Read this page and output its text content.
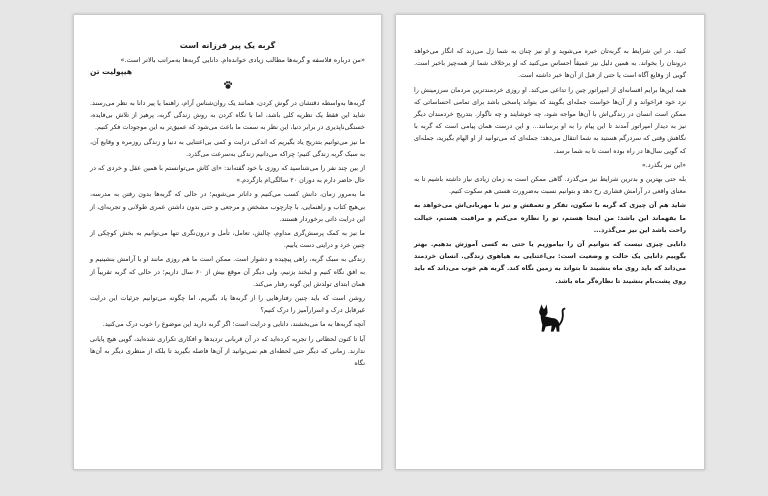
گربه یک پیر فرزانه است
«من درباره فلاسفه و گربه‌ها مطالب زیادی خوانده‌ام. دانایی گربه‌ها به‌مراتب بالاتر است.»
هیپولیت تن

گربه‌ها به‌واسطه دقتشان در گوش کردن، همانند یک روان‌شناس آرام، راهنما یا پیر دانا به نظر می‌رسند. شاید این فقط یک نظریه کلی باشد، اما با نگاه کردن به روش زندگی گربه، پرهیز از تلاش بی‌فایده، خستگی‌ناپذیری در برابر دنیا، این نظر به سمت ما باعث می‌شود که عمیق‌تر به این موجودات فکر کنیم.

ما نیز می‌توانیم بتدریج یاد بگیریم که اندکی درایت و کمی بی‌اعتنایی به دنیا و زندگی روزمره و وقایع آن، به سبک گربه زندگی کنیم؛ چراکه می‌دانیم زندگی به‌سرعت می‌گذرد.

از بین چند نفر را می‌شناسید که روزی با خود گفته‌اند: «ای کاش می‌توانستم با همین عقل و خردی که در حال حاضر دارم به دوران ۲۰ سالگی‌ام بازگردم.»

ما به‌مرور زمان، دانش کسب می‌کنیم و دانا‌تر می‌شویم؛ در حالی که گربه‌ها بدون رفتن به مدرسه، بی‌هیچ کتاب و راهنمایی، با چارچوب مشخص و مرجعی و حتی بدون داشتن عمری طولانی و تجربه‌ای، از این درایت ذاتی برخوردار هستند.

ما نیز به کمک پرسش‌گری مداوم، چالش، تعامل، تأمل و درون‌نگری تنها می‌توانیم به بخش کوچکی از چنین خرد و درایتی دست یابیم.

زندگی به سبک گربه، راهی پیچیده و دشوار است. ممکن است ما هم روزی مانند او با آرامش بنشینیم و به افق نگاه کنیم و لبخند بزنیم، ولی دیگر آن موقع بیش از ۶۰ سال داریم؛ در حالی که گربه تقریباً از همان ابتدای تولدش این گونه رفتار می‌کند.

روشن است که باید چنین رفتارهایی را از گربه‌ها یاد بگیریم، اما چگونه می‌توانیم جزئیات این درایت غیرقابل درک و اسرارآمیز را درک کنیم؟

آنچه گربه‌ها به ما می‌بخشند، دانایی و درایت است؛ اگر گربه دارید این موضوع را خوب درک می‌کنید.

آیا تا کنون لحظاتی را تجربه کرده‌اید که در آن قربانی تردیدها و افکاری تکراری شده‌اید، گویی هیچ پایانی ندارند. زمانی که دیگر حتی لحظه‌ای هم نمی‌توانید از آن‌ها فاصله بگیرید تا بلکه از منظری دیگر به آن‌ها نگاه

کنید. در این شرایط به گربه‌تان خیره می‌شوید و او نیز چنان به شما زل می‌زند که انگار می‌خواهد درونتان را بخواند. به همین دلیل نیز عمیقاً احساس می‌کنید که او برخلاف شما از همه‌چیز باخبر است. گویی از وقایع آگاه است یا حتی از قبل از آن‌ها خبر داشته است.

همه این‌ها برایم افسانه‌ای از امپراتور چین را تداعی می‌کند. او روزی خردمندترین مردمان سرزمینش را نزد خود فراخواند و از آن‌ها خواست جمله‌ای بگویند که بتواند پاسخی باشد برای تمامی احساساتی که ممکن است انسان در زندگی‌اش با آن‌ها مواجه شود، چه خوشایند و چه ناگوار. بتدریج خردمندان دیگر نیز به دیدار امپراتور آمدند تا این پیام را به او برسانند... و این درست همان پیامی است که گربه با نگاهش وقتی که سردرگم هستید به شما انتقال می‌دهد: جمله‌ای که می‌توانید از او الهام بگیرید، جمله‌ای که گویی سال‌ها در راه بوده است تا به شما برسد.

«این نیز بگذرد.»

بله حتی بهترین و بدترین شرایط نیز می‌گذرد. گاهی ممکن است به زمان زیادی نیاز داشته باشیم تا به معنای واقعی در آرامش فشاری رخ دهد و بتوانیم نسبت به‌ضرورت هستی هم سکوت کنیم.

شاید هم آن چیزی که گربه با سکون، تفکر و تعمقش و نیز با مهربانی‌اش می‌خواهد به ما بفهماند این باشد: من اینجا هستم، تو را نظاره می‌کنم و مراقبت هستم، خیالت راحت باشد این نیز می‌گذرد...

دانایی چیزی نیست که بتوانیم آن را بیاموزیم یا حتی به کسی آموزش بدهیم. بهتر بگوییم دانایی یک حالت و وضعیت است: بی‌اعتنایی به هیاهوی زندگی. انسان خردمند می‌داند که باید روی ماه بنشیند تا بتواند به زمین نگاه کند. گربه هم خوب می‌داند که باید روی پشت‌بام بنشیند تا نظاره‌گر ماه باشد.
